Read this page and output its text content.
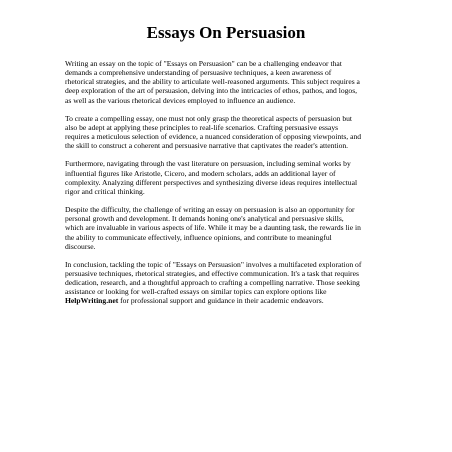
Essays On Persuasion

Writing an essay on the topic of "Essays on Persuasion" can be a challenging endeavor that
demands a comprehensive understanding of persuasive techniques, a keen awareness of
rhetorical strategies, and the ability to articulate well-reasoned arguments. This subject requires a
deep exploration of the art of persuasion, delving into the intricacies of ethos, pathos, and logos,
as well as the various rhetorical devices employed to influence an audience.

To create a compelling essay, one must not only grasp the theoretical aspects of persuasion but
also be adept at applying these principles to real-life scenarios. Crafting persuasive essays
requires a meticulous selection of evidence, a nuanced consideration of opposing viewpoints, and
the skill to construct a coherent and persuasive narrative that captivates the reader's attention.

Furthermore, navigating through the vast literature on persuasion, including seminal works by
influential figures like Aristotle, Cicero, and modern scholars, adds an additional layer of
complexity. Analyzing different perspectives and synthesizing diverse ideas requires intellectual
rigor and critical thinking.

Despite the difficulty, the challenge of writing an essay on persuasion is also an opportunity for
personal growth and development. It demands honing one's analytical and persuasive skills,
which are invaluable in various aspects of life. While it may be a daunting task, the rewards lie in
the ability to communicate effectively, influence opinions, and contribute to meaningful
discourse.

In conclusion, tackling the topic of "Essays on Persuasion" involves a multifaceted exploration of
persuasive techniques, rhetorical strategies, and effective communication. It's a task that requires
dedication, research, and a thoughtful approach to crafting a compelling narrative. Those seeking
assistance or looking for well-crafted essays on similar topics can explore options like
HelpWriting.net for professional support and guidance in their academic endeavors.
